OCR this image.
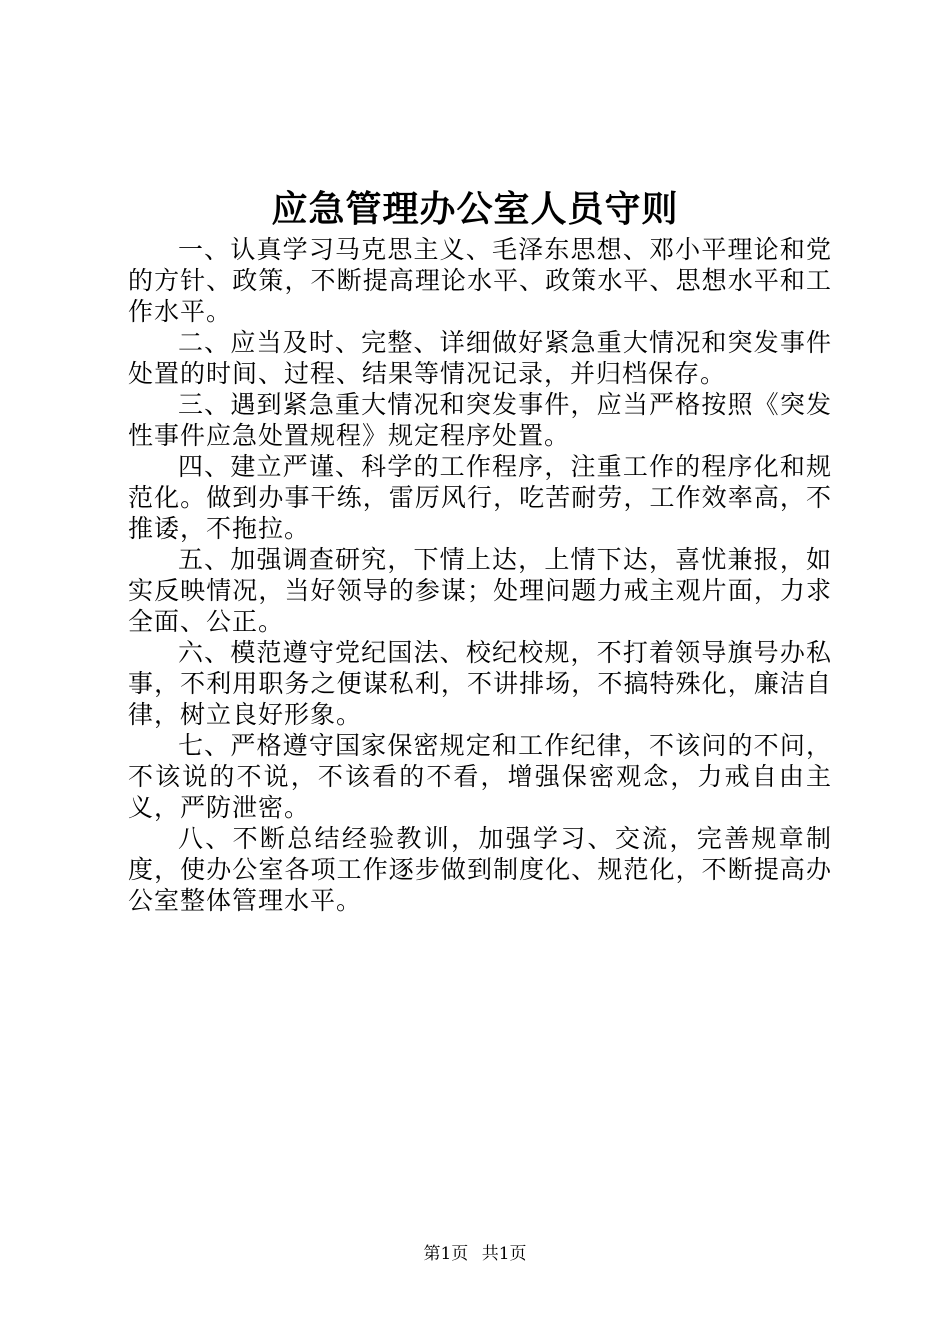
应急管理办公室人员守则

一、认真学习马克思主义、毛泽东思想、邓小平理论和党的方针、政策，不断提高理论水平、政策水平、思想水平和工作水平。

二、应当及时、完整、详细做好紧急重大情况和突发事件处置的时间、过程、结果等情况记录，并归档保存。

三、遇到紧急重大情况和突发事件，应当严格按照《突发性事件应急处置规程》规定程序处置。

四、建立严谨、科学的工作程序，注重工作的程序化和规范化。做到办事干练，雷厉风行，吃苦耐劳，工作效率高，不推诿，不拖拉。

五、加强调查研究，下情上达，上情下达，喜忧兼报，如实反映情况，当好领导的参谋；处理问题力戒主观片面，力求全面、公正。

六、模范遵守党纪国法、校纪校规，不打着领导旗号办私事，不利用职务之便谋私利，不讲排场，不搞特殊化，廉洁自律，树立良好形象。

七、严格遵守国家保密规定和工作纪律，不该问的不问，不该说的不说，不该看的不看，增强保密观念，力戒自由主义，严防泄密。

八、不断总结经验教训，加强学习、交流，完善规章制度，使办公室各项工作逐步做到制度化、规范化，不断提高办公室整体管理水平。

第1页 共1页
